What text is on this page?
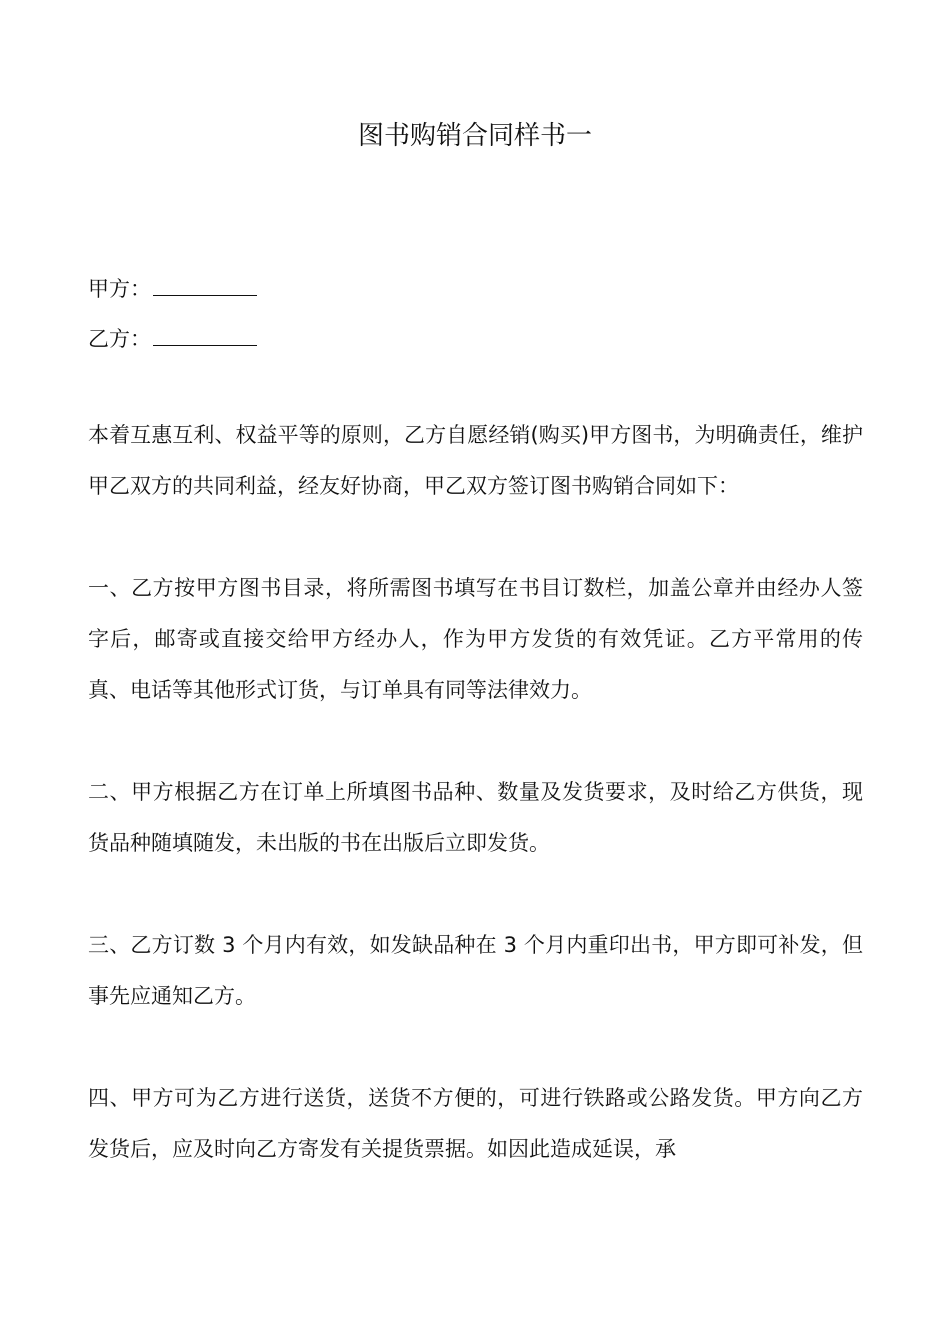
图书购销合同样书一
甲方：
乙方：

本着互惠互利、权益平等的原则，乙方自愿经销(购买)甲方图书，为明确责任，维护甲乙双方的共同利益，经友好协商，甲乙双方签订图书购销合同如下：

一、乙方按甲方图书目录，将所需图书填写在书目订数栏，加盖公章并由经办人签字后，邮寄或直接交给甲方经办人，作为甲方发货的有效凭证。乙方平常用的传真、电话等其他形式订货，与订单具有同等法律效力。

二、甲方根据乙方在订单上所填图书品种、数量及发货要求，及时给乙方供货，现货品种随填随发，未出版的书在出版后立即发货。

三、乙方订数 3 个月内有效，如发缺品种在 3 个月内重印出书，甲方即可补发，但事先应通知乙方。

四、甲方可为乙方进行送货，送货不方便的，可进行铁路或公路发货。甲方向乙方发货后，应及时向乙方寄发有关提货票据。如因此造成延误，承
